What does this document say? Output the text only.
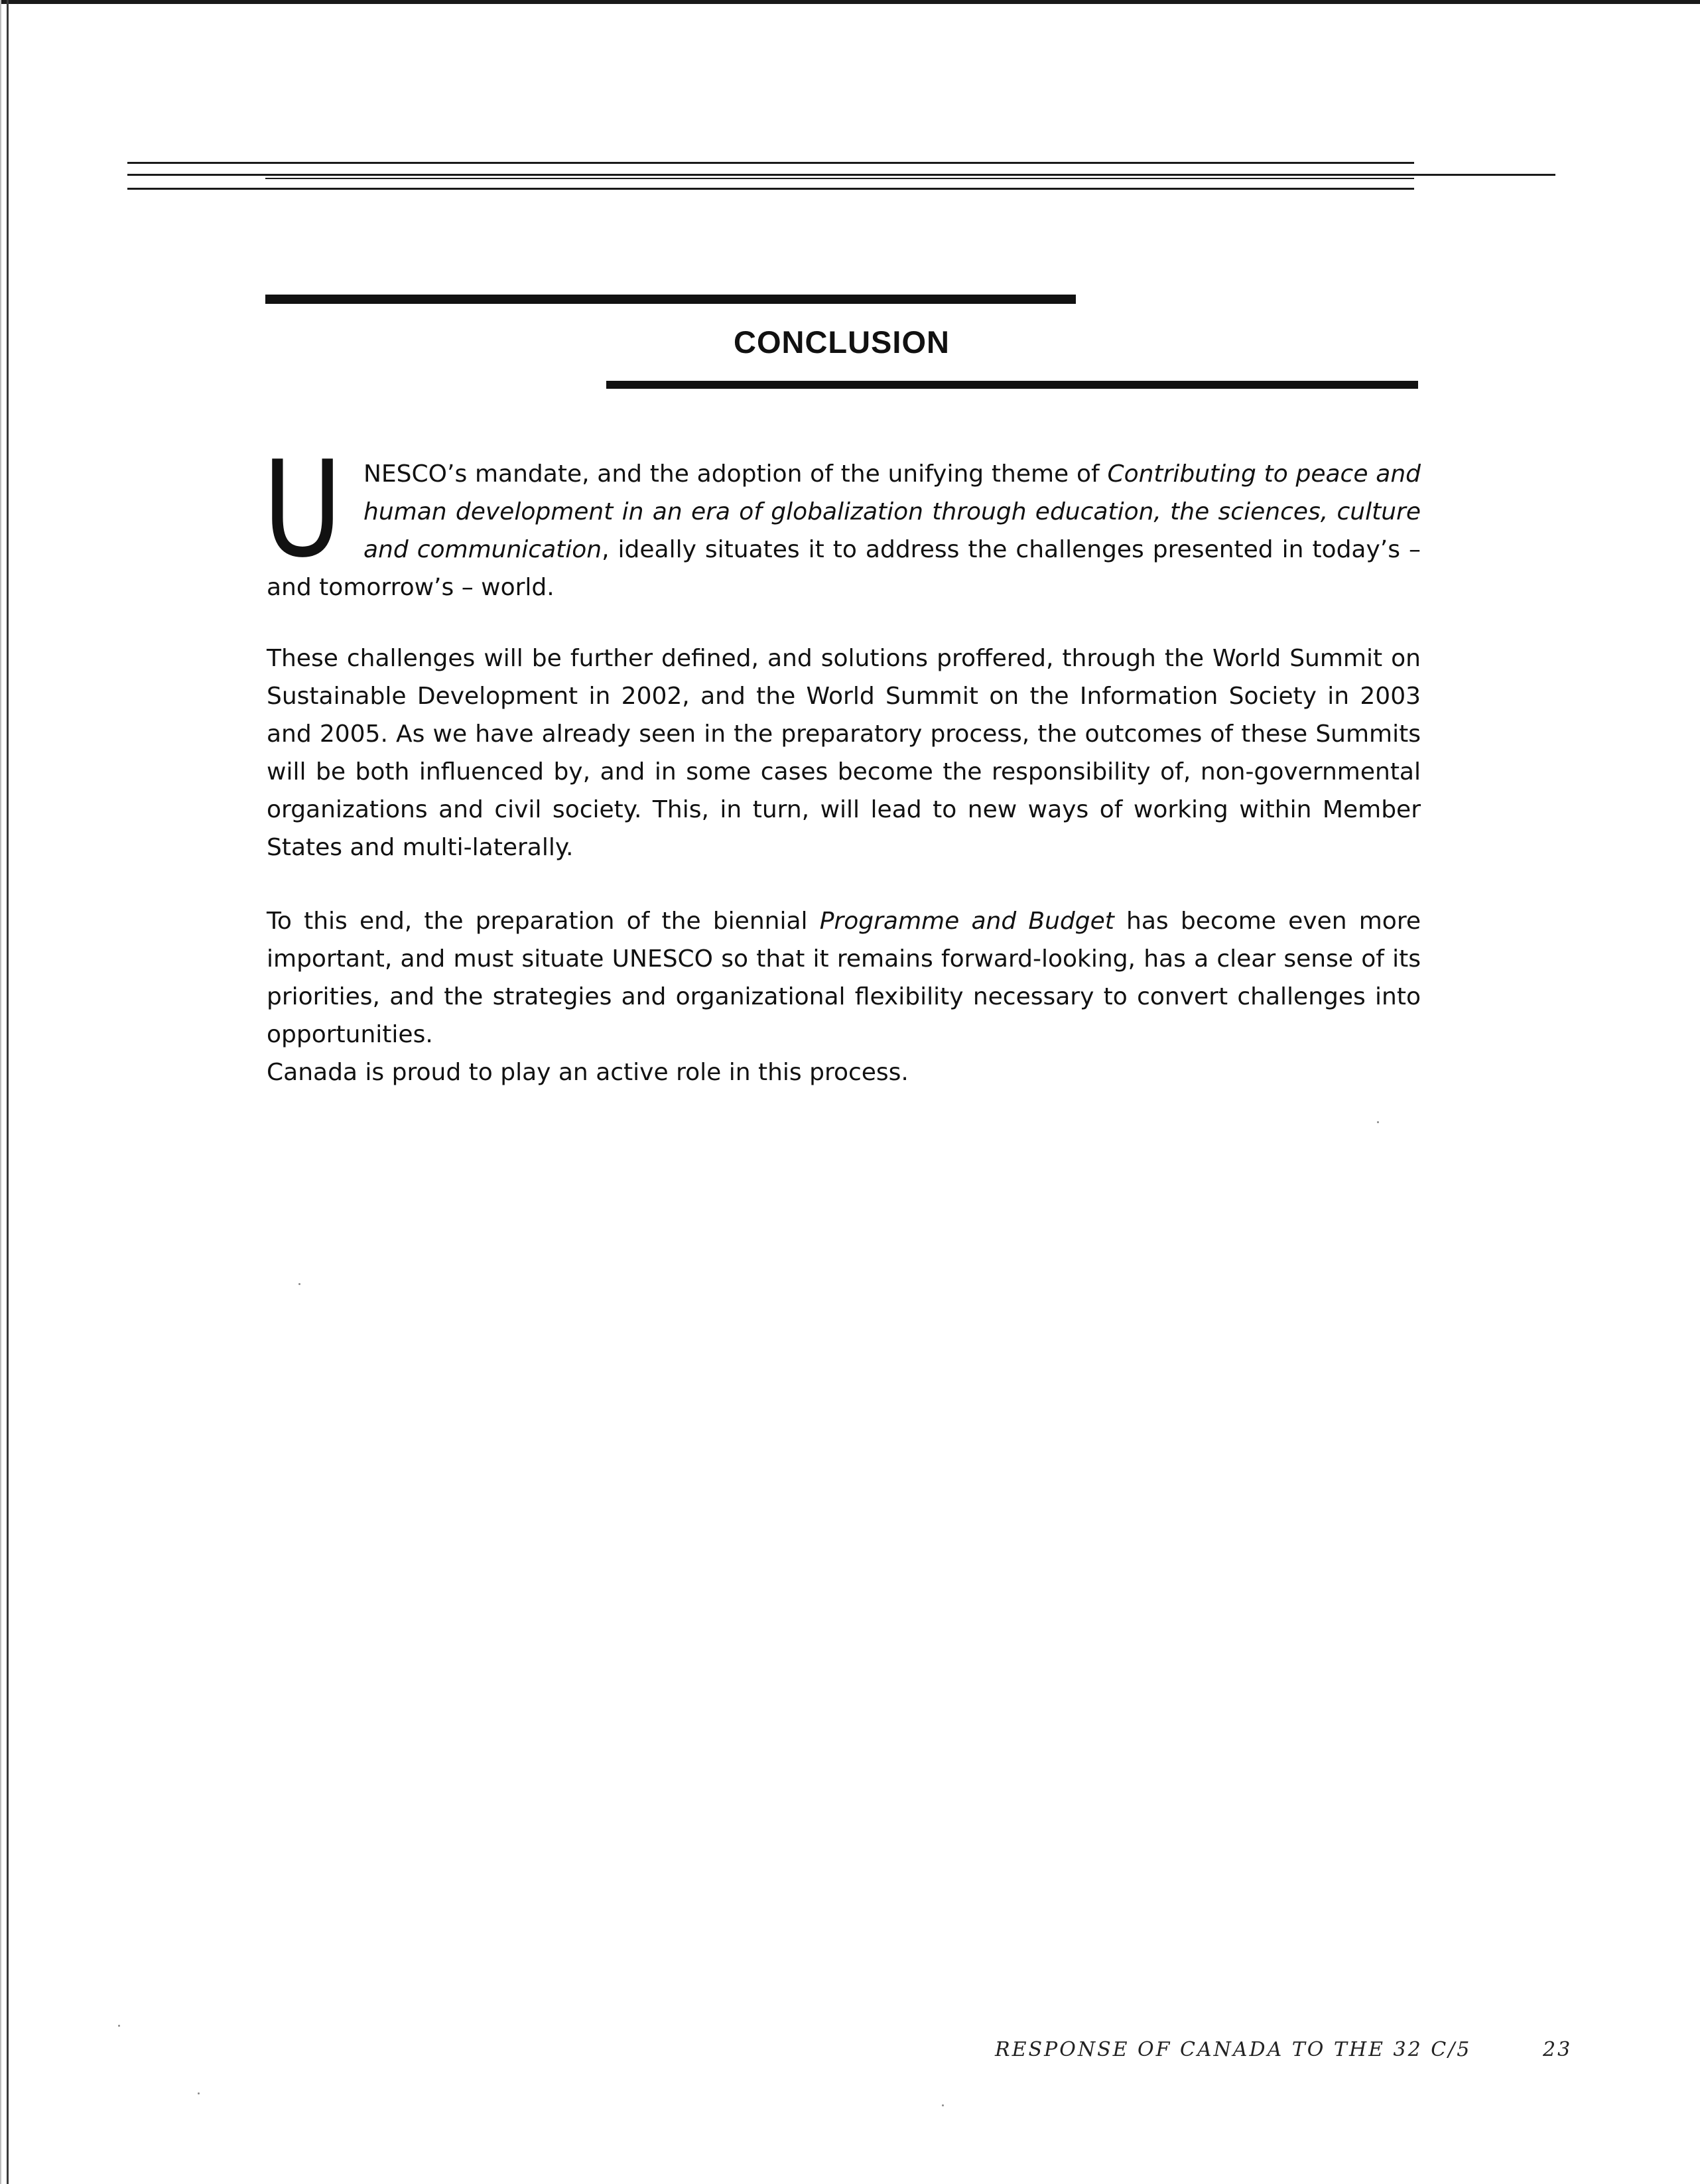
CONCLUSION
UNESCO’s mandate, and the adoption of the unifying theme of Contributing to peace and human development in an era of globalization through education, the sciences, culture and communication, ideally situates it to address the challenges presented in today’s – and tomorrow’s – world.
These challenges will be further defined, and solutions proffered, through the World Summit on Sustainable Development in 2002, and the World Summit on the Information Society in 2003 and 2005. As we have already seen in the preparatory process, the outcomes of these Summits will be both influenced by, and in some cases become the responsibility of, non-governmental organizations and civil society. This, in turn, will lead to new ways of working within Member States and multi-laterally.
To this end, the preparation of the biennial Programme and Budget has become even more important, and must situate UNESCO so that it remains forward-looking, has a clear sense of its priorities, and the strategies and organizational flexibility necessary to convert challenges into opportunities.
Canada is proud to play an active role in this process.
RESPONSE OF CANADA TO THE 32 C/5	23
